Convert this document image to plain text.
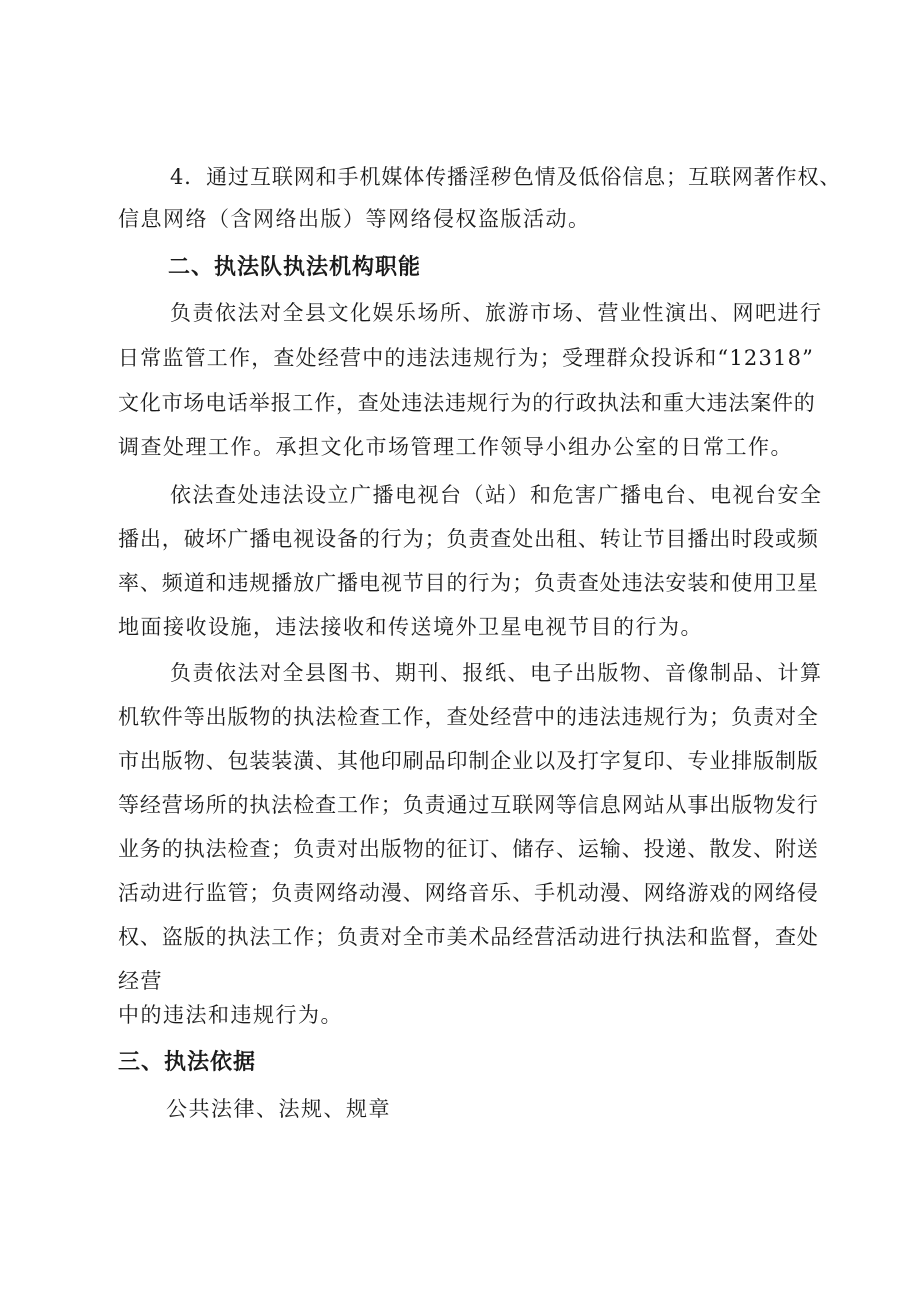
4．通过互联网和手机媒体传播淫秽色情及低俗信息；互联网著作权、
信息网络（含网络出版）等网络侵权盗版活动。
二、执法队执法机构职能
负责依法对全县文化娱乐场所、旅游市场、营业性演出、网吧进行
日常监管工作，查处经营中的违法违规行为；受理群众投诉和“12318”
文化市场电话举报工作，查处违法违规行为的行政执法和重大违法案件的
调查处理工作。承担文化市场管理工作领导小组办公室的日常工作。
依法查处违法设立广播电视台（站）和危害广播电台、电视台安全
播出，破坏广播电视设备的行为；负责查处出租、转让节目播出时段或频
率、频道和违规播放广播电视节目的行为；负责查处违法安装和使用卫星
地面接收设施，违法接收和传送境外卫星电视节目的行为。
负责依法对全县图书、期刊、报纸、电子出版物、音像制品、计算
机软件等出版物的执法检查工作，查处经营中的违法违规行为；负责对全
市出版物、包装装潢、其他印刷品印制企业以及打字复印、专业排版制版
等经营场所的执法检查工作；负责通过互联网等信息网站从事出版物发行
业务的执法检查；负责对出版物的征订、储存、运输、投递、散发、附送
活动进行监管；负责网络动漫、网络音乐、手机动漫、网络游戏的网络侵
权、盗版的执法工作；负责对全市美术品经营活动进行执法和监督，查处
经营
中的违法和违规行为。
三、执法依据
公共法律、法规、规章
